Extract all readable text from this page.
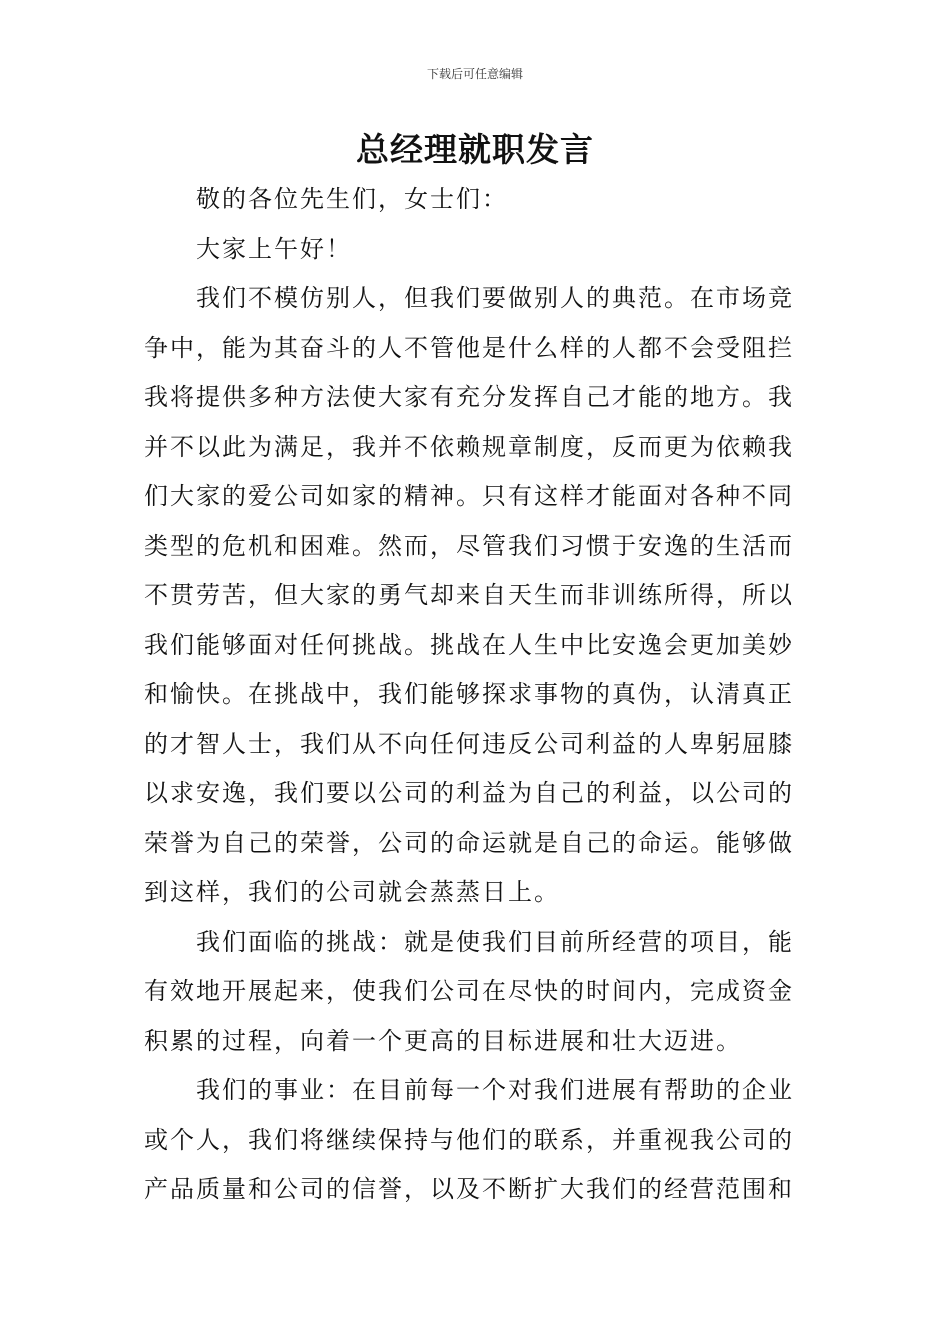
下载后可任意编辑
总经理就职发言

敬的各位先生们，女士们：

大家上午好！

我们不模仿别人，但我们要做别人的典范。在市场竞
争中，能为其奋斗的人不管他是什么样的人都不会受阻拦
我将提供多种方法使大家有充分发挥自己才能的地方。我
并不以此为满足，我并不依赖规章制度，反而更为依赖我
们大家的爱公司如家的精神。只有这样才能面对各种不同
类型的危机和困难。然而，尽管我们习惯于安逸的生活而
不贯劳苦，但大家的勇气却来自天生而非训练所得，所以
我们能够面对任何挑战。挑战在人生中比安逸会更加美妙
和愉快。在挑战中，我们能够探求事物的真伪，认清真正
的才智人士，我们从不向任何违反公司利益的人卑躬屈膝
以求安逸，我们要以公司的利益为自己的利益，以公司的
荣誉为自己的荣誉，公司的命运就是自己的命运。能够做
到这样，我们的公司就会蒸蒸日上。

我们面临的挑战：就是使我们目前所经营的项目，能
有效地开展起来，使我们公司在尽快的时间内，完成资金
积累的过程，向着一个更高的目标进展和壮大迈进。

我们的事业：在目前每一个对我们进展有帮助的企业
或个人，我们将继续保持与他们的联系，并重视我公司的
产品质量和公司的信誉，以及不断扩大我们的经营范围和
